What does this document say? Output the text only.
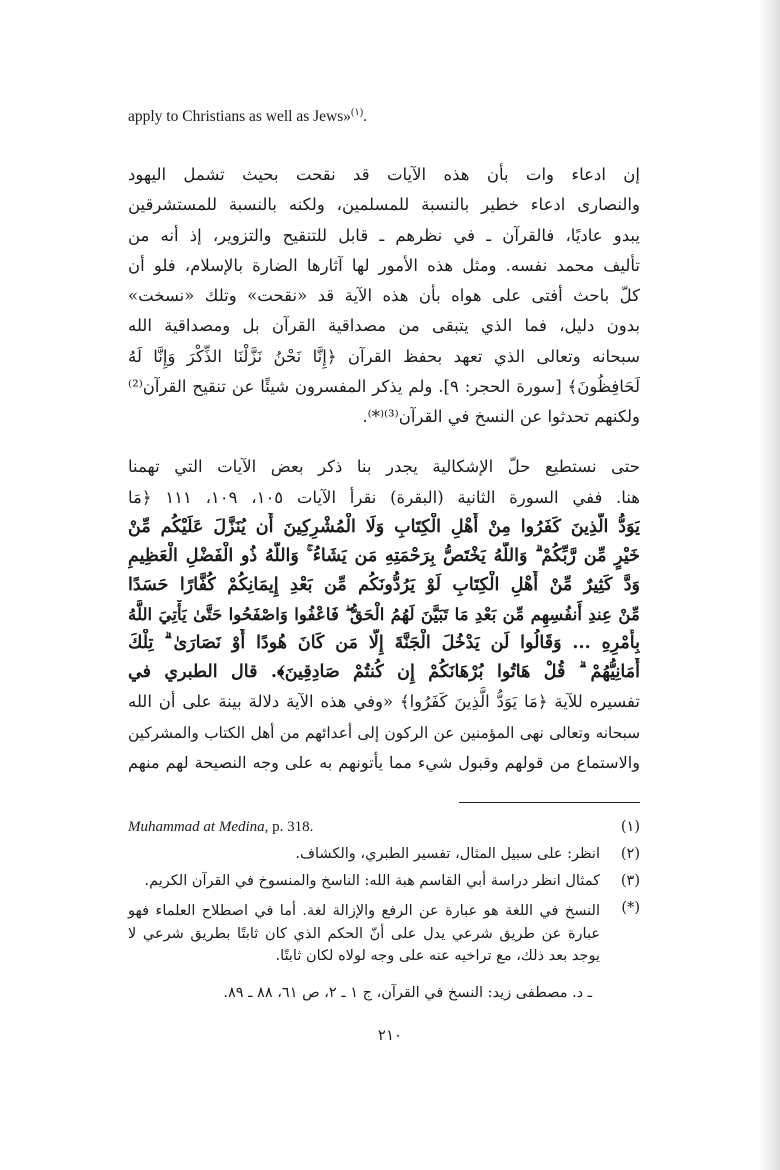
apply to Christians as well as Jews»$^{(١)}$.
إن ادعاء وات بأن هذه الآيات قد نقحت بحيث تشمل اليهود
والنصارى ادعاء خطير بالنسبة للمسلمين، ولكنه بالنسبة للمستشرقين
يبدو عاديًا، فالقرآن ـ في نظرهم ـ قابل للتنقيح والتزوير، إذ أنه من
تأليف محمد نفسه. ومثل هذه الأمور لها آثارها الضارة بالإسلام، فلو أن
كلّ باحث أفتى على هواه بأن هذه الآية قد «نقحت» وتلك «نسخت»
بدون دليل، فما الذي يتبقى من مصداقية القرآن بل ومصداقية الله
سبحانه وتعالى الذي تعهد بحفظ القرآن ﴿إِنَّا نَحْنُ نَزَّلْنَا الذِّكْرَ وَإِنَّا لَهُ
لَحَافِظُونَ﴾ [سورة الحجر: ٩]. ولم يذكر المفسرون شيئًا عن تنقيح القرآن⁽²⁾
ولكنهم تحدثوا عن النسخ في القرآن⁽³⁾⁽*⁾.
حتى نستطيع حلّ الإشكالية يجدر بنا ذكر بعض الآيات التي تهمنا
هنا. ففي السورة الثانية (البقرة) نقرأ الآيات ١٠٥، ١٠٩، ١١١ ﴿مَا
يَوَدُّ الَّذِينَ كَفَرُوا مِنْ أَهْلِ الْكِتَابِ وَلَا الْمُشْرِكِينَ أَن يُنَزَّلَ عَلَيْكُم مِّنْ
خَيْرٍ مِّن رَّبِّكُمْ ۗ وَاللَّهُ يَخْتَصُّ بِرَحْمَتِهِ مَن يَشَاءُ ۚ وَاللَّهُ ذُو الْفَضْلِ الْعَظِيمِ
وَدَّ كَثِيرٌ مِّنْ أَهْلِ الْكِتَابِ لَوْ يَرُدُّونَكُم مِّن بَعْدِ إِيمَانِكُمْ كُفَّارًا حَسَدًا
مِّنْ عِندِ أَنفُسِهِم مِّن بَعْدِ مَا تَبَيَّنَ لَهُمُ الْحَقُّ ۖ فَاعْفُوا وَاصْفَحُوا حَتَّىٰ يَأْتِيَ اللَّهُ
بِأَمْرِهِ ... وَقَالُوا لَن يَدْخُلَ الْجَنَّةَ إِلَّا مَن كَانَ هُودًا أَوْ نَصَارَىٰ ۗ تِلْكَ
أَمَانِيُّهُمْ ۗ قُلْ هَاتُوا بُرْهَانَكُمْ إِن كُنتُمْ صَادِقِينَ﴾. قال الطبري في
تفسيره للآية ﴿مَا يَوَدُّ الَّذِينَ كَفَرُوا﴾ «وفي هذه الآية دلالة بينة على أن الله
سبحانه وتعالى نهى المؤمنين عن الركون إلى أعدائهم من أهل الكتاب والمشركين
والاستماع من قولهم وقبول شيء مما يأتونهم به على وجه النصيحة لهم منهم
Muhammad at Medina, p. 318.	(١)
انظر: على سبيل المثال، تفسير الطبري، والكشاف. (٢)
كمثال انظر دراسة أبي القاسم هبة الله: الناسخ والمنسوخ في القرآن الكريم. (٣)
النسخ في اللغة هو عبارة عن الرفع والإزالة لغة. أما في اصطلاح العلماء فهو
عبارة عن طريق شرعي يدل على أنّ الحكم الذي كان ثابتًا بطريق شرعي لا
يوجد بعد ذلك، مع تراخيه عنه على وجه لولاه لكان ثابتًا.
(*)
ـ د. مصطفى زيد: النسخ في القرآن، ج ١ ـ ٢، ص ٦١، ٨٨ ـ ٨٩.
٢١٠
